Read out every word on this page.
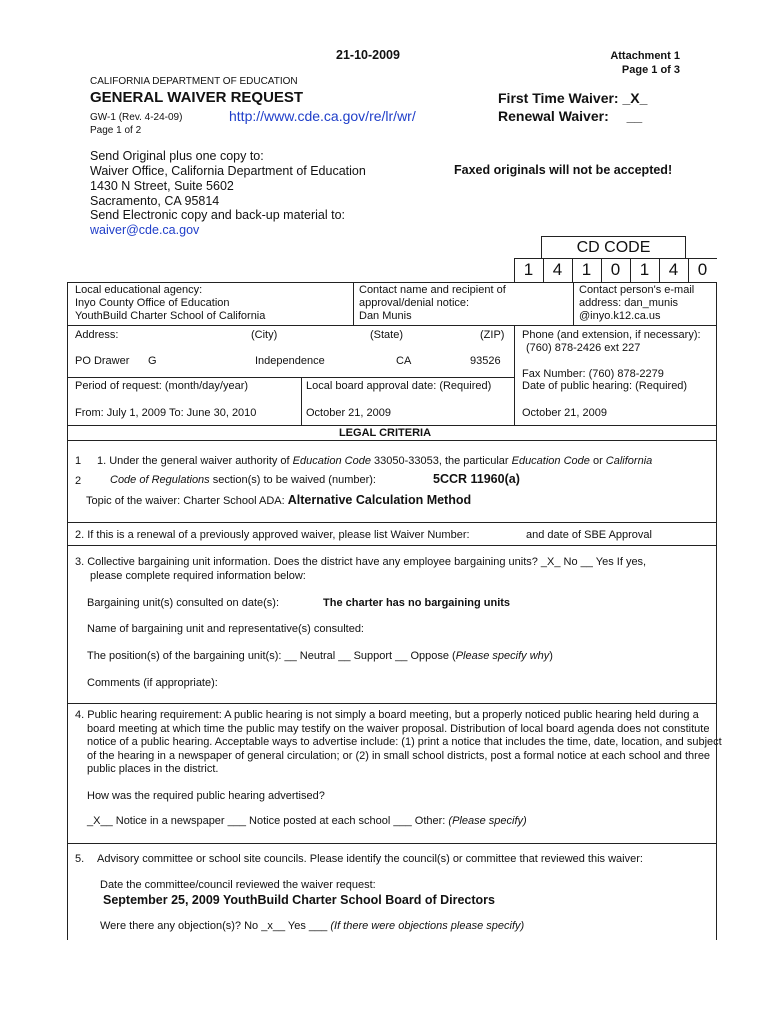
21-10-2009	Attachment 1
Page 1 of 3
CALIFORNIA DEPARTMENT OF EDUCATION
GENERAL WAIVER REQUEST
GW-1 (Rev. 4-24-09)	http://www.cde.ca.gov/re/lr/wr/
Page 1 of 2
First Time Waiver: _X_
Renewal Waiver: __
Send Original plus one copy to:
Waiver Office, California Department of Education
1430 N Street, Suite 5602
Sacramento, CA 95814
Send Electronic copy and back-up material to:
waiver@cde.ca.gov
Faxed originals will not be accepted!
CD CODE
1	4	1	0	1	4	0
Local educational agency:
Inyo County Office of Education
YouthBuild Charter School of California
Contact name and recipient of
approval/denial notice:
Dan Munis
Contact person's e-mail
address: dan_munis
@inyo.k12.ca.us
Address:	(City)	(State)	(ZIP)
PO Drawer G	Independence	CA	93526
Phone (and extension, if necessary):
(760) 878-2426 ext 227
Fax Number: (760) 878-2279
Period of request: (month/day/year)
From: July 1, 2009 To: June 30, 2010
Local board approval date: (Required)
October 21, 2009
Date of public hearing: (Required)
October 21, 2009
LEGAL CRITERIA
1
2
1. Under the general waiver authority of Education Code 33050-33053, the particular Education Code or California
Code of Regulations section(s) to be waived (number):	5CCR 11960(a)
Topic of the waiver: Charter School ADA: Alternative Calculation Method
2. If this is a renewal of a previously approved waiver, please list Waiver Number:	and date of SBE Approval
3. Collective bargaining unit information. Does the district have any employee bargaining units? _X_ No __ Yes If yes,
please complete required information below:
Bargaining unit(s) consulted on date(s):	The charter has no bargaining units
Name of bargaining unit and representative(s) consulted:
The position(s) of the bargaining unit(s): __ Neutral __ Support __ Oppose (Please specify why)
Comments (if appropriate):
4. Public hearing requirement: A public hearing is not simply a board meeting, but a properly noticed public hearing held during a board meeting at which time the public may testify on the waiver proposal. Distribution of local board agenda does not constitute notice of a public hearing. Acceptable ways to advertise include: (1) print a notice that includes the time, date, location, and subject of the hearing in a newspaper of general circulation; or (2) in small school districts, post a formal notice at each school and three public places in the district.
How was the required public hearing advertised?
_X__ Notice in a newspaper ___ Notice posted at each school ___ Other: (Please specify)
5. Advisory committee or school site councils. Please identify the council(s) or committee that reviewed this waiver:
Date the committee/council reviewed the waiver request:
September 25, 2009 YouthBuild Charter School Board of Directors
Were there any objection(s)? No _x__ Yes ___ (If there were objections please specify)
